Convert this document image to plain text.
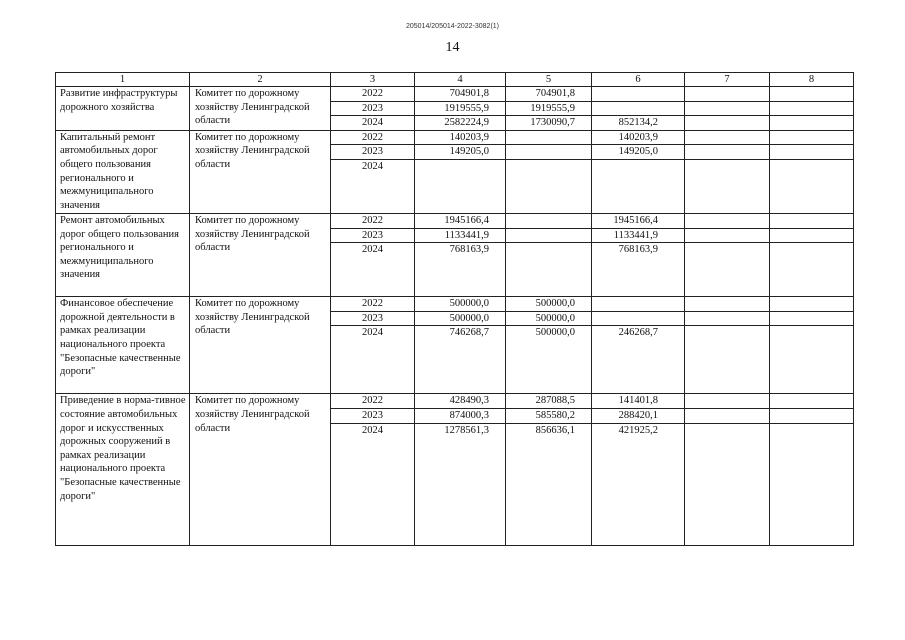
205014/205014-2022-3082(1)
14
1	2	3	4	5	6	7	8
Развитие инфраструктуры дорожного хозяйства	Комитет по дорожному хозяйству Ленинградской области	2022	704901,8	704901,8			
		2023	1919555,9	1919555,9			
		2024	2582224,9	1730090,7	852134,2		
Капитальный ремонт автомобильных дорог общего пользования регионального и межмуниципального значения	Комитет по дорожному хозяйству Ленинградской области	2022	140203,9		140203,9		
		2023	149205,0		149205,0		
		2024					
Ремонт автомобильных дорог общего пользования регионального и межмуниципального значения	Комитет по дорожному хозяйству Ленинградской области	2022	1945166,4		1945166,4		
		2023	1133441,9		1133441,9		
		2024	768163,9		768163,9		
Финансовое обеспечение дорожной деятельности в рамках реализации национального проекта "Безопасные качественные дороги"	Комитет по дорожному хозяйству Ленинградской области	2022	500000,0	500000,0			
		2023	500000,0	500000,0			
		2024	746268,7	500000,0	246268,7		
Приведение в норма-тивное состояние автомобильных дорог и искусственных дорожных сооружений в рамках реализации национального проекта "Безопасные качественные дороги"	Комитет по дорожному хозяйству Ленинградской области	2022	428490,3	287088,5	141401,8		
		2023	874000,3	585580,2	288420,1		
		2024	1278561,3	856636,1	421925,2		
